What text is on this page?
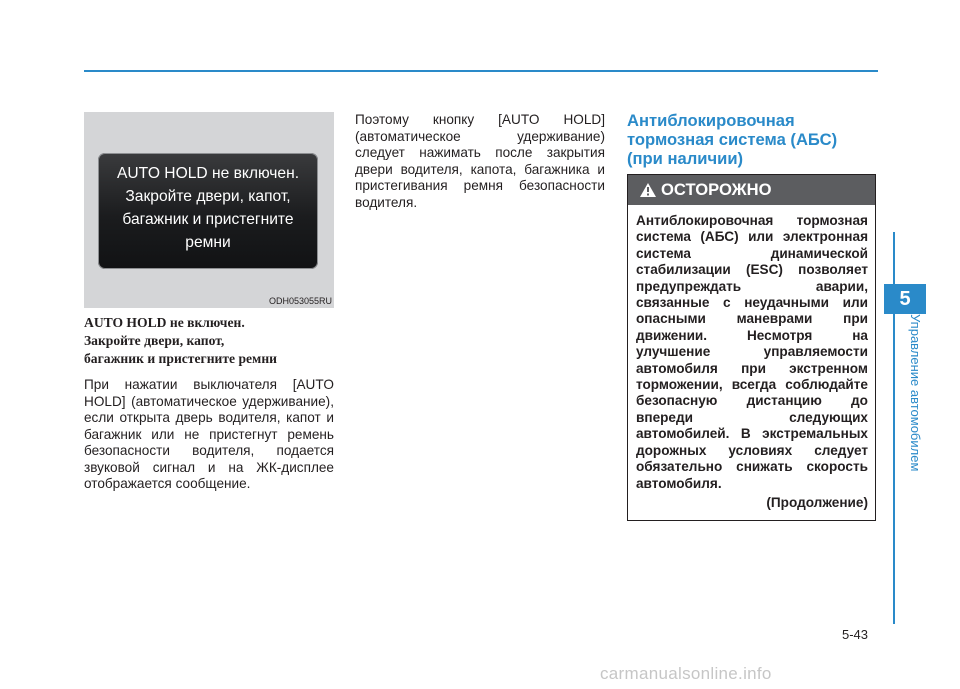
AUTO HOLD не включен.
Закройте двери, капот,
багажник и пристегните
ремни
ODH053055RU
AUTO HOLD не включен.
Закройте двери, капот,
багажник и пристегните ремни
При нажатии выключателя [AUTO HOLD] (автоматическое удерживание), если открыта дверь водителя, капот и багажник или не пристегнут ремень безопасности водителя, подается звуковой сигнал и на ЖК-дисплее отображается сообщение.
Поэтому кнопку [AUTO HOLD] (автоматическое удерживание) следует нажимать после закрытия двери водителя, капота, багажника и пристегивания ремня безопасности водителя.
Антиблокировочная
тормозная система (АБС)
(при наличии)
ОСТОРОЖНО
Антиблокировочная тормозная система (АБС) или электронная система динамической стабилизации (ESC) позволяет предупреждать аварии, связанные с неудачными или опасными маневрами при движении. Несмотря на улучшение управляемости автомобиля при экстренном торможении, всегда соблюдайте безопасную дистанцию до впереди следующих автомобилей. В экстремальных дорожных условиях следует обязательно снижать скорость автомобиля.
(Продолжение)
5
Управление автомобилем
5-43
carmanualsonline.info
